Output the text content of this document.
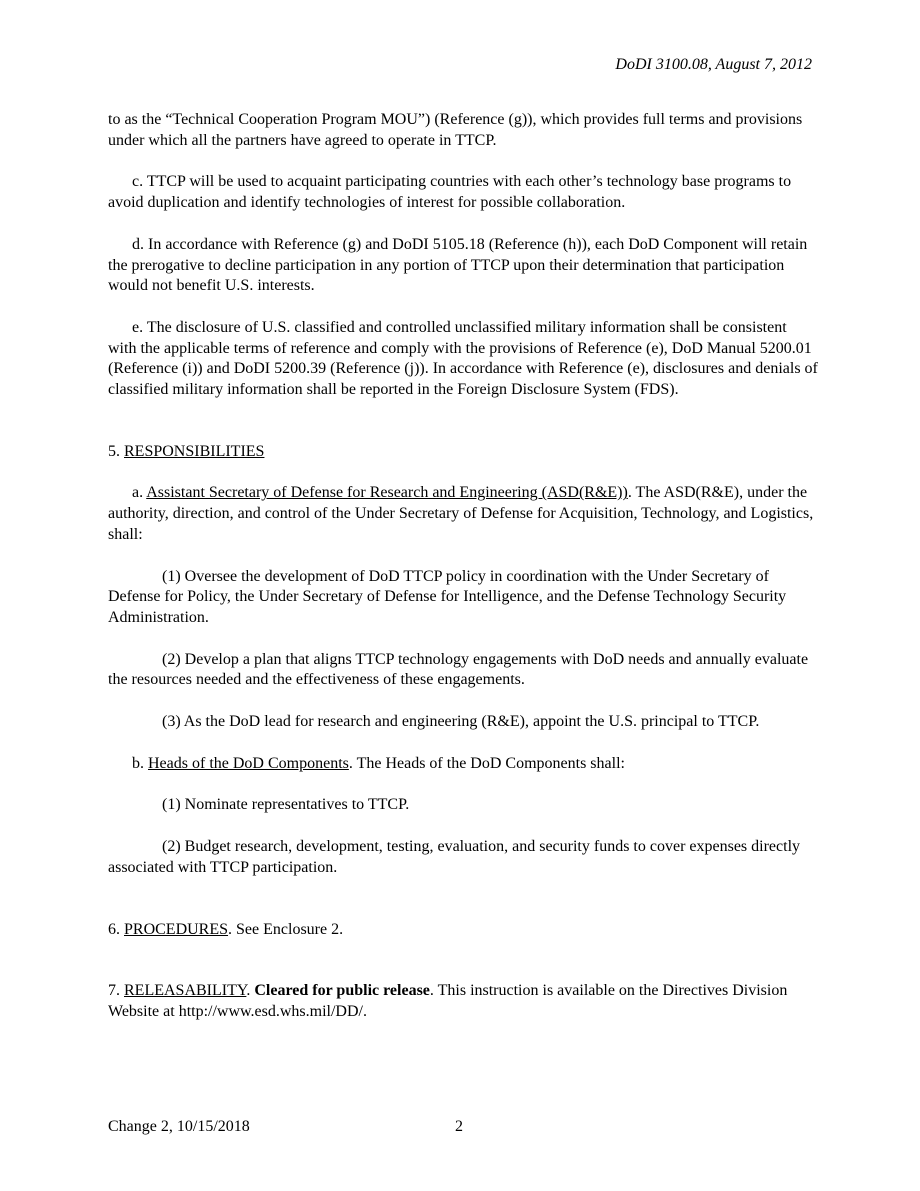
DoDI 3100.08, August 7, 2012

to as the “Technical Cooperation Program MOU”) (Reference (g)), which provides full terms and provisions under which all the partners have agreed to operate in TTCP.

c. TTCP will be used to acquaint participating countries with each other’s technology base programs to avoid duplication and identify technologies of interest for possible collaboration.

d. In accordance with Reference (g) and DoDI 5105.18 (Reference (h)), each DoD Component will retain the prerogative to decline participation in any portion of TTCP upon their determination that participation would not benefit U.S. interests.

e. The disclosure of U.S. classified and controlled unclassified military information shall be consistent with the applicable terms of reference and comply with the provisions of Reference (e), DoD Manual 5200.01 (Reference (i)) and DoDI 5200.39 (Reference (j)). In accordance with Reference (e), disclosures and denials of classified military information shall be reported in the Foreign Disclosure System (FDS).

5. RESPONSIBILITIES

a. Assistant Secretary of Defense for Research and Engineering (ASD(R&E)). The ASD(R&E), under the authority, direction, and control of the Under Secretary of Defense for Acquisition, Technology, and Logistics, shall:

(1) Oversee the development of DoD TTCP policy in coordination with the Under Secretary of Defense for Policy, the Under Secretary of Defense for Intelligence, and the Defense Technology Security Administration.

(2) Develop a plan that aligns TTCP technology engagements with DoD needs and annually evaluate the resources needed and the effectiveness of these engagements.

(3) As the DoD lead for research and engineering (R&E), appoint the U.S. principal to TTCP.

b. Heads of the DoD Components. The Heads of the DoD Components shall:

(1) Nominate representatives to TTCP.

(2) Budget research, development, testing, evaluation, and security funds to cover expenses directly associated with TTCP participation.

6. PROCEDURES. See Enclosure 2.

7. RELEASABILITY. Cleared for public release. This instruction is available on the Directives Division Website at http://www.esd.whs.mil/DD/.

Change 2, 10/15/2018	2
